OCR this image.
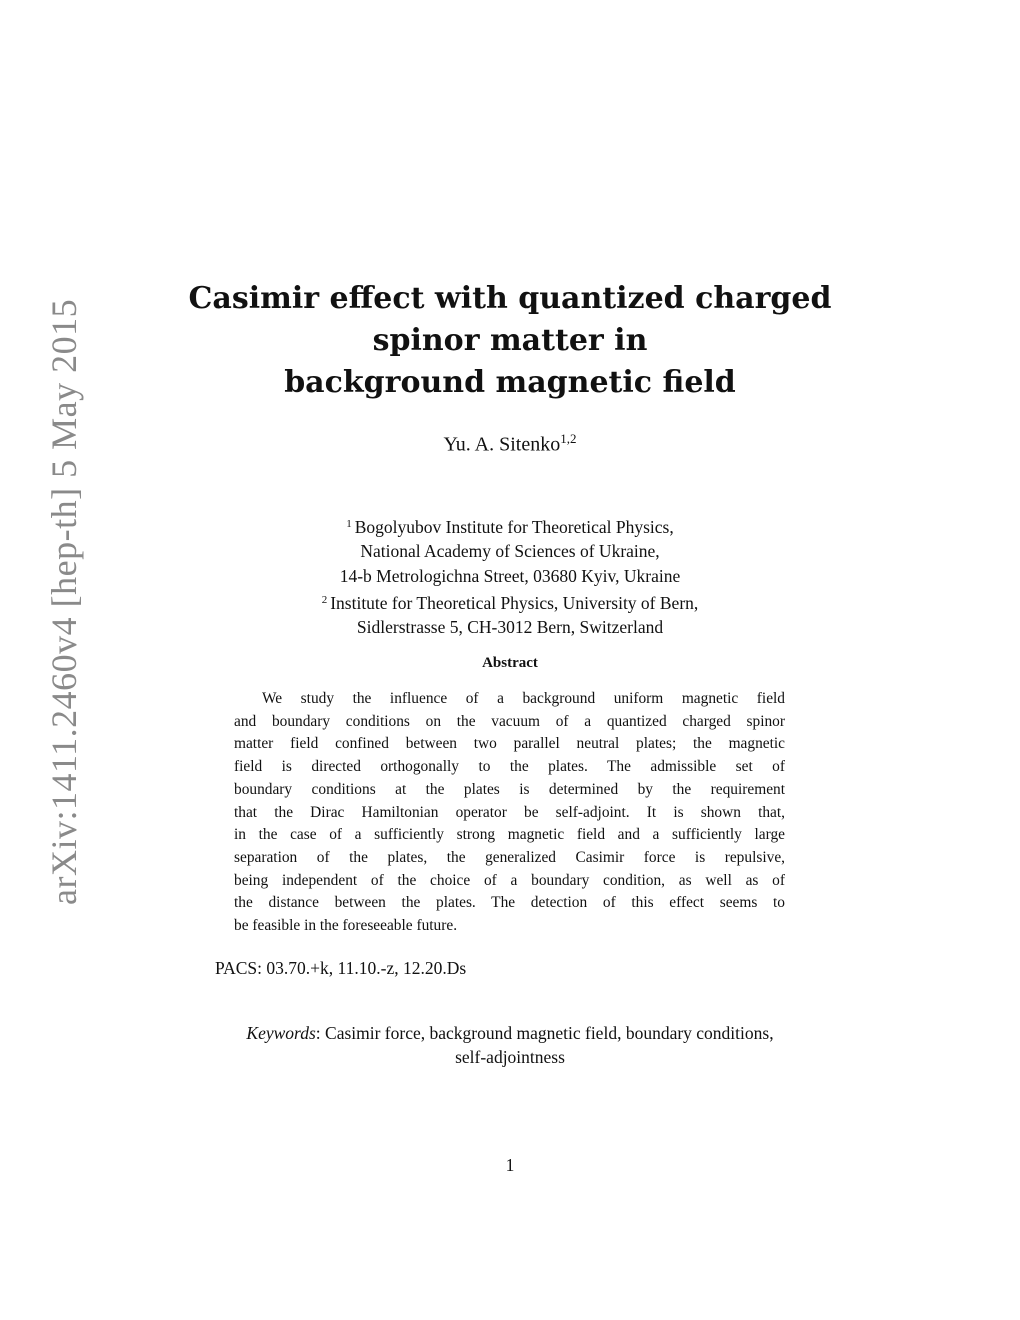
arXiv:1411.2460v4 [hep-th] 5 May 2015
Casimir effect with quantized charged
spinor matter in
background magnetic field
Yu. A. Sitenko$^{1,2}$
$^1$ Bogolyubov Institute for Theoretical Physics,
National Academy of Sciences of Ukraine,
14-b Metrologichna Street, 03680 Kyiv, Ukraine
$^2$ Institute for Theoretical Physics, University of Bern,
Sidlerstrasse 5, CH-3012 Bern, Switzerland
Abstract
We study the influence of a background uniform magnetic field
and boundary conditions on the vacuum of a quantized charged spinor
matter field confined between two parallel neutral plates; the magnetic
field is directed orthogonally to the plates. The admissible set of
boundary conditions at the plates is determined by the requirement
that the Dirac Hamiltonian operator be self-adjoint. It is shown that,
in the case of a sufficiently strong magnetic field and a sufficiently large
separation of the plates, the generalized Casimir force is repulsive,
being independent of the choice of a boundary condition, as well as of
the distance between the plates. The detection of this effect seems to
be feasible in the foreseeable future.
PACS: 03.70.+k, 11.10.-z, 12.20.Ds
Keywords: Casimir force, background magnetic field, boundary conditions,
self-adjointness
1
